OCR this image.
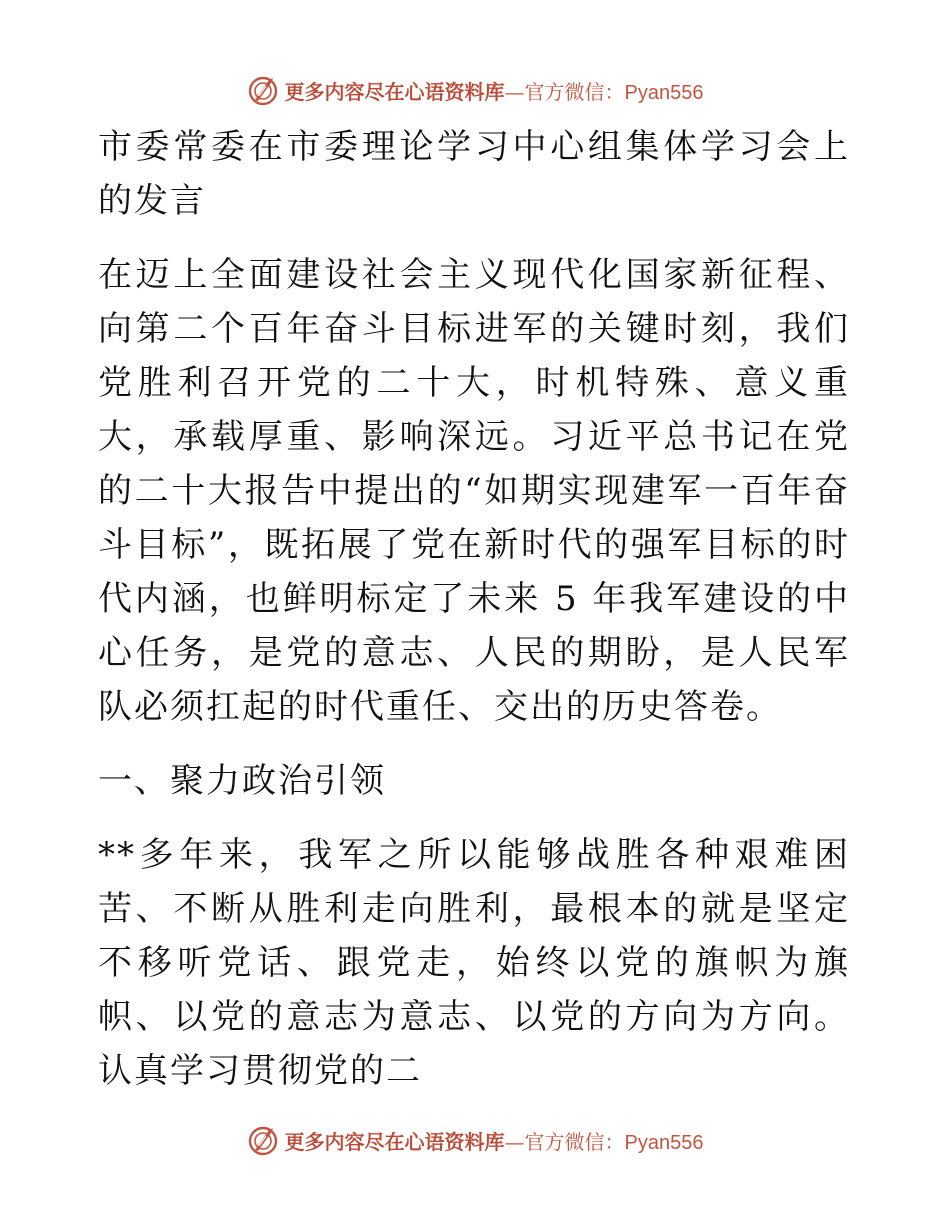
更多内容尽在心语资料库—官方微信：Pyan556

市委常委在市委理论学习中心组集体学习会上的发言

在迈上全面建设社会主义现代化国家新征程、向第二个百年奋斗目标进军的关键时刻，我们党胜利召开党的二十大，时机特殊、意义重大，承载厚重、影响深远。习近平总书记在党的二十大报告中提出的“如期实现建军一百年奋斗目标”，既拓展了党在新时代的强军目标的时代内涵，也鲜明标定了未来 5 年我军建设的中心任务，是党的意志、人民的期盼，是人民军队必须扛起的时代重任、交出的历史答卷。

一、聚力政治引领

**多年来，我军之所以能够战胜各种艰难困苦、不断从胜利走向胜利，最根本的就是坚定不移听党话、跟党走，始终以党的旗帜为旗帜、以党的意志为意志、以党的方向为方向。认真学习贯彻党的二

更多内容尽在心语资料库—官方微信：Pyan556
